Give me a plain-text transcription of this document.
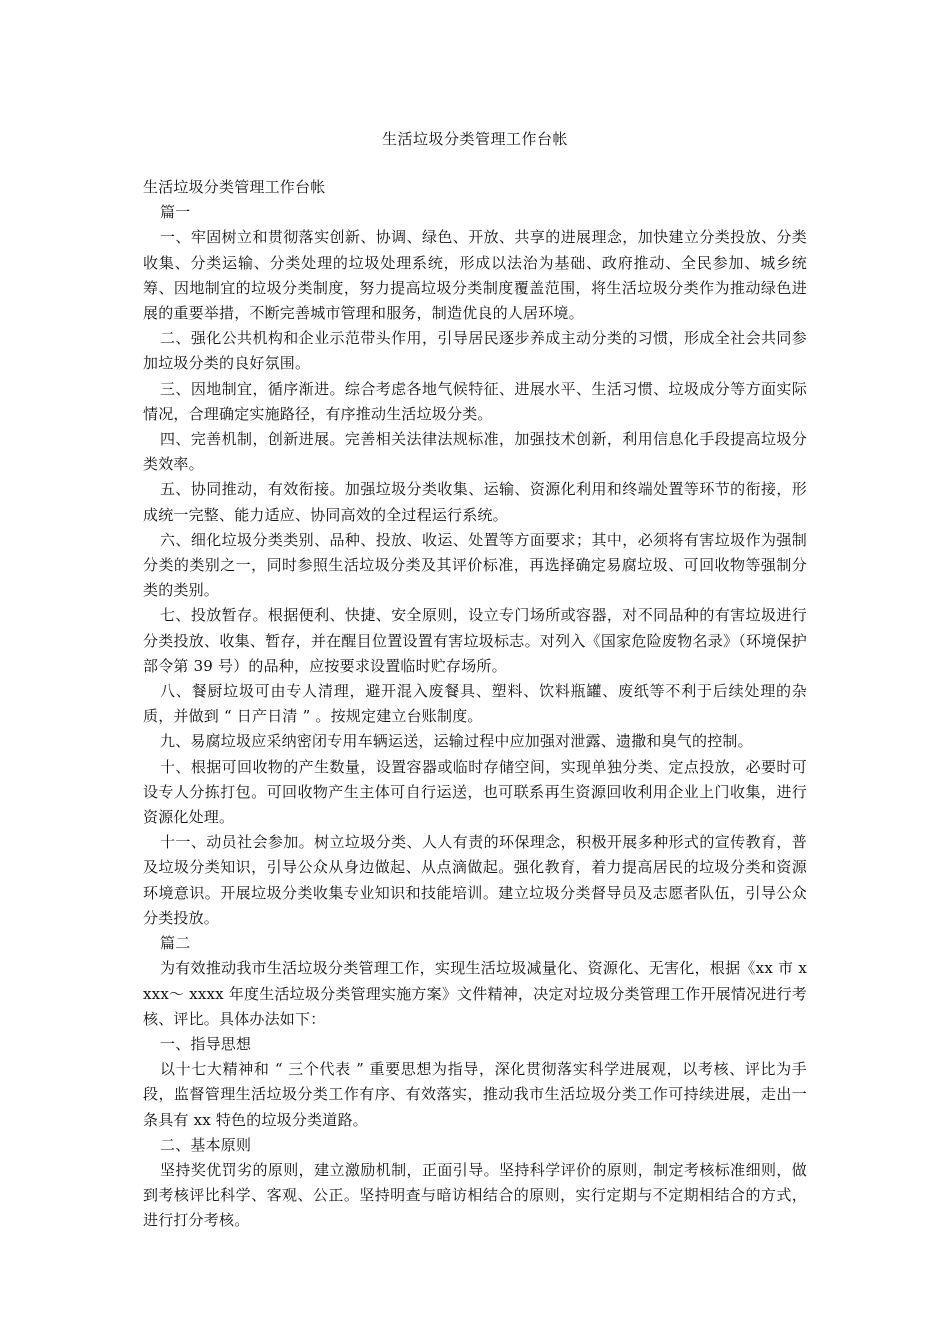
生活垃圾分类管理工作台帐

生活垃圾分类管理工作台帐

篇一

一、牢固树立和贯彻落实创新、协调、绿色、开放、共享的进展理念，加快建立分类投放、分类收集、分类运输、分类处理的垃圾处理系统，形成以法治为基础、政府推动、全民参加、城乡统筹、因地制宜的垃圾分类制度，努力提高垃圾分类制度覆盖范围，将生活垃圾分类作为推动绿色进展的重要举措，不断完善城市管理和服务，制造优良的人居环境。

二、强化公共机构和企业示范带头作用，引导居民逐步养成主动分类的习惯，形成全社会共同参加垃圾分类的良好氛围。

三、因地制宜，循序渐进。综合考虑各地气候特征、进展水平、生活习惯、垃圾成分等方面实际情况，合理确定实施路径，有序推动生活垃圾分类。

四、完善机制，创新进展。完善相关法律法规标准，加强技术创新，利用信息化手段提高垃圾分类效率。

五、协同推动，有效衔接。加强垃圾分类收集、运输、资源化利用和终端处置等环节的衔接，形成统一完整、能力适应、协同高效的全过程运行系统。

六、细化垃圾分类类别、品种、投放、收运、处置等方面要求；其中，必须将有害垃圾作为强制分类的类别之一，同时参照生活垃圾分类及其评价标准，再选择确定易腐垃圾、可回收物等强制分类的类别。

七、投放暂存。根据便利、快捷、安全原则，设立专门场所或容器，对不同品种的有害垃圾进行分类投放、收集、暂存，并在醒目位置设置有害垃圾标志。对列入《国家危险废物名录》（环境保护部令第 39 号）的品种，应按要求设置临时贮存场所。

八、餐厨垃圾可由专人清理，避开混入废餐具、塑料、饮料瓶罐、废纸等不利于后续处理的杂质，并做到 “ 日产日清 ” 。按规定建立台账制度。

九、易腐垃圾应采纳密闭专用车辆运送，运输过程中应加强对泄露、遗撒和臭气的控制。

十、根据可回收物的产生数量，设置容器或临时存储空间，实现单独分类、定点投放，必要时可设专人分拣打包。可回收物产生主体可自行运送，也可联系再生资源回收利用企业上门收集，进行资源化处理。

十一、动员社会参加。树立垃圾分类、人人有责的环保理念，积极开展多种形式的宣传教育，普及垃圾分类知识，引导公众从身边做起、从点滴做起。强化教育，着力提高居民的垃圾分类和资源环境意识。开展垃圾分类收集专业知识和技能培训。建立垃圾分类督导员及志愿者队伍，引导公众分类投放。

篇二

为有效推动我市生活垃圾分类管理工作，实现生活垃圾减量化、资源化、无害化，根据《xx 市 xxxx～ xxxx 年度生活垃圾分类管理实施方案》文件精神，决定对垃圾分类管理工作开展情况进行考核、评比。具体办法如下：

一、指导思想

以十七大精神和 “ 三个代表 ” 重要思想为指导，深化贯彻落实科学进展观，以考核、评比为手段，监督管理生活垃圾分类工作有序、有效落实，推动我市生活垃圾分类工作可持续进展，走出一条具有 xx 特色的垃圾分类道路。

二、基本原则

坚持奖优罚劣的原则，建立激励机制，正面引导。坚持科学评价的原则，制定考核标准细则，做到考核评比科学、客观、公正。坚持明查与暗访相结合的原则，实行定期与不定期相结合的方式，进行打分考核。
